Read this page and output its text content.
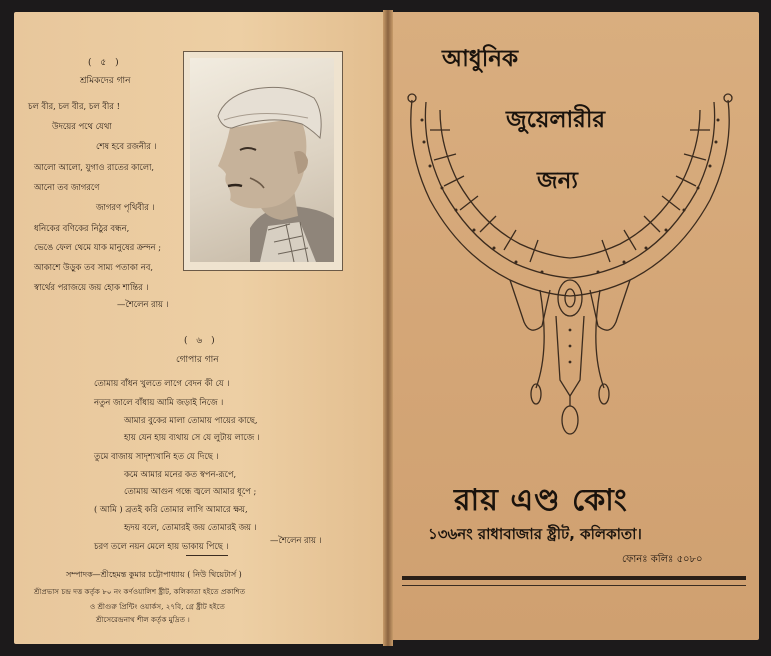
( ৫ )
শ্রমিকদের গান
চল বীর, চল বীর, চল বীর !
উদয়ের পথে যেথা
শেষ হবে রজনীর ।
আলো আলো, যুগাও রাতের কালো,
আনো তব জাগরণে
জাগরণ পৃথিবীর ।
ধনিকের বণিকের নিঠুর বন্ধন,
ভেঙে ফেল থেমে যাক মানুষের ক্রন্দন ;
আকাশে উড়ুক তব সাম্য পতাকা নব,
স্বার্থের পরাজয়ে জয় হোক শান্তির ।
—শৈলেন রায় ।
( ৬ )
গোপার গান
তোমায় বাঁধন খুলতে লাগে বেদন কী যে ।
নতুন জালে বাঁধায় আমি জড়াই নিজে ।
আমার বুকের মালা তোমায় পায়ের কাছে,
হায় যেন হায় ব্যথায় সে যে লুটায় লাজে ।
তুমে বাজায় সাদৃশ্যখানি হত যে দিছে ।
কমে আমার মনের কত স্বপন-রূপে,
তোমায় আগুন গন্ধে জ্বলে আমার ধূপে ;
( আমি ) ব্রতই করি তোমার লাগি আমারে ক্ষয়,
হৃদয় বলে, তোমারই জয় তোমারই জয় ।
চরণ তলে নয়ন মেলে হায় ভাকায় পিছে ।
—শৈলেন রায় ।
সম্পাদক—শ্রীহেমন্ত কুমার চট্টোপাধ্যায় ( নিউ থিয়েটার্স )
শ্রীপ্রভাস চন্দ্র দত্ত কর্তৃক ৮০ নং কর্ণওয়ালিশ ষ্ট্রীট, কলিকাতা হইতে প্রকাশিত
ও শ্রীগুরু প্রিন্টিং ওয়ার্কস, ২৭বি, গ্রে ষ্ট্রীট হইতে
শ্রীসেরেন্দ্রনাথ শীল কর্তৃক মুদ্রিত ।
আধুনিক
জুয়েলারীর
জন্য
রায় এণ্ড কোং
১৩৬নং রাধাবাজার ষ্ট্রীট, কলিকাতা।
ফোনঃ কলিঃ ৫০৮০
